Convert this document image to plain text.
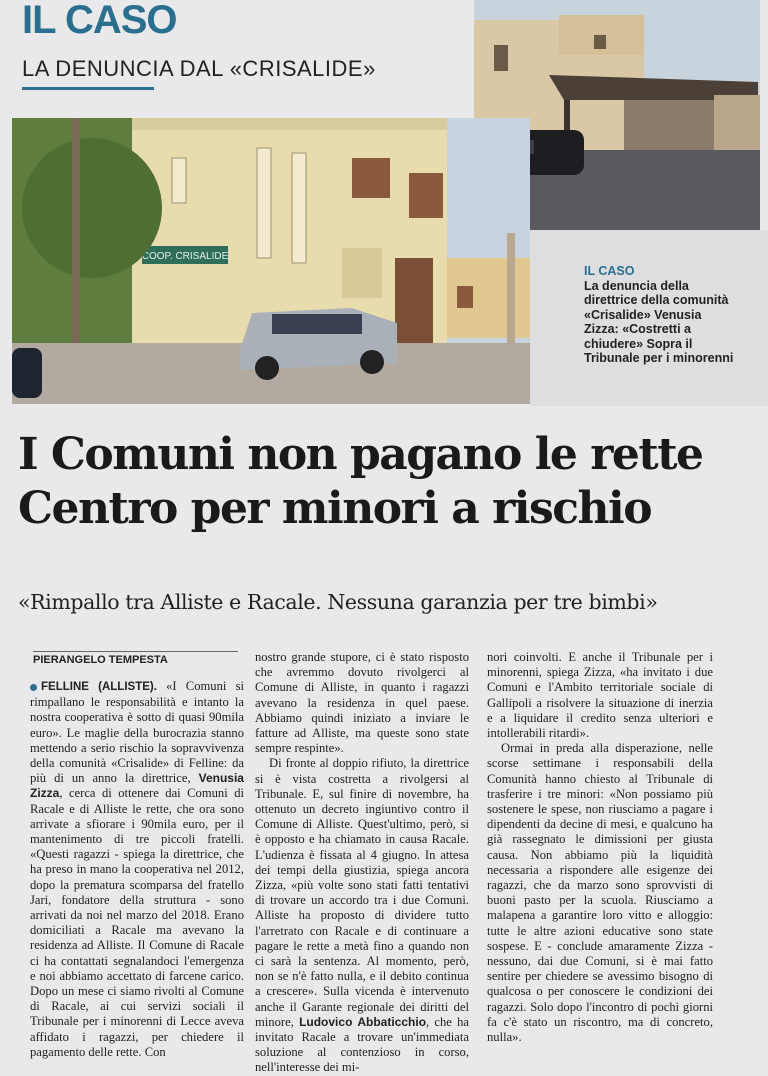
IL CASO
LA DENUNCIA DAL «CRISALIDE»
COOP. CRISALIDE
IL CASO
La denuncia della direttrice della comunità «Crisalide» Venusia Zizza: «Costretti a chiudere» Sopra il Tribunale per i minorenni
I Comuni non pagano le rette
Centro per minori a rischio
«Rimpallo tra Alliste e Racale. Nessuna garanzia per tre bimbi»
PIERANGELO TEMPESTA

FELLINE (ALLISTE). «I Comuni si rimpallano le responsabilità e intanto la nostra cooperativa è sotto di quasi 90mila euro». Le maglie della burocrazia stanno mettendo a serio rischio la sopravvivenza della comunità «Crisalide» di Felline: da più di un anno la direttrice, Venusia Zizza, cerca di ottenere dai Comuni di Racale e di Alliste le rette, che ora sono arrivate a sfiorare i 90mila euro, per il mantenimento di tre piccoli fratelli. «Questi ragazzi - spiega la direttrice, che ha preso in mano la cooperativa nel 2012, dopo la prematura scomparsa del fratello Jari, fondatore della struttura - sono arrivati da noi nel marzo del 2018. Erano domiciliati a Racale ma avevano la residenza ad Alliste. Il Comune di Racale ci ha contattati segnalandoci l'emergenza e noi abbiamo accettato di farcene carico. Dopo un mese ci siamo rivolti al Comune di Racale, ai cui servizi sociali il Tribunale per i minorenni di Lecce aveva affidato i ragazzi, per chiedere il pagamento delle rette. Con

nostro grande stupore, ci è stato risposto che avremmo dovuto rivolgerci al Comune di Alliste, in quanto i ragazzi avevano la residenza in quel paese. Abbiamo quindi iniziato a inviare le fatture ad Alliste, ma queste sono state sempre respinte».

Di fronte al doppio rifiuto, la direttrice si è vista costretta a rivolgersi al Tribunale. E, sul finire di novembre, ha ottenuto un decreto ingiuntivo contro il Comune di Alliste. Quest'ultimo, però, si è opposto e ha chiamato in causa Racale. L'udienza è fissata al 4 giugno. In attesa dei tempi della giustizia, spiega ancora Zizza, «più volte sono stati fatti tentativi di trovare un accordo tra i due Comuni. Alliste ha proposto di dividere tutto l'arretrato con Racale e di continuare a pagare le rette a metà fino a quando non ci sarà la sentenza. Al momento, però, non se n'è fatto nulla, e il debito continua a crescere». Sulla vicenda è intervenuto anche il Garante regionale dei diritti del minore, Ludovico Abbaticchio, che ha invitato Racale a trovare un'immediata soluzione al contenzioso in corso, nell'interesse dei mi-

nori coinvolti. E anche il Tribunale per i minorenni, spiega Zizza, «ha invitato i due Comuni e l'Ambito territoriale sociale di Gallipoli a risolvere la situazione di inerzia e a liquidare il credito senza ulteriori e intollerabili ritardi».

Ormai in preda alla disperazione, nelle scorse settimane i responsabili della Comunità hanno chiesto al Tribunale di trasferire i tre minori: «Non possiamo più sostenere le spese, non riusciamo a pagare i dipendenti da decine di mesi, e qualcuno ha già rassegnato le dimissioni per giusta causa. Non abbiamo più la liquidità necessaria a rispondere alle esigenze dei ragazzi, che da marzo sono sprovvisti di buoni pasto per la scuola. Riusciamo a malapena a garantire loro vitto e alloggio: tutte le altre azioni educative sono state sospese. E - conclude amaramente Zizza - nessuno, dai due Comuni, si è mai fatto sentire per chiedere se avessimo bisogno di qualcosa o per conoscere le condizioni dei ragazzi. Solo dopo l'incontro di pochi giorni fa c'è stato un riscontro, ma di concreto, nulla».
